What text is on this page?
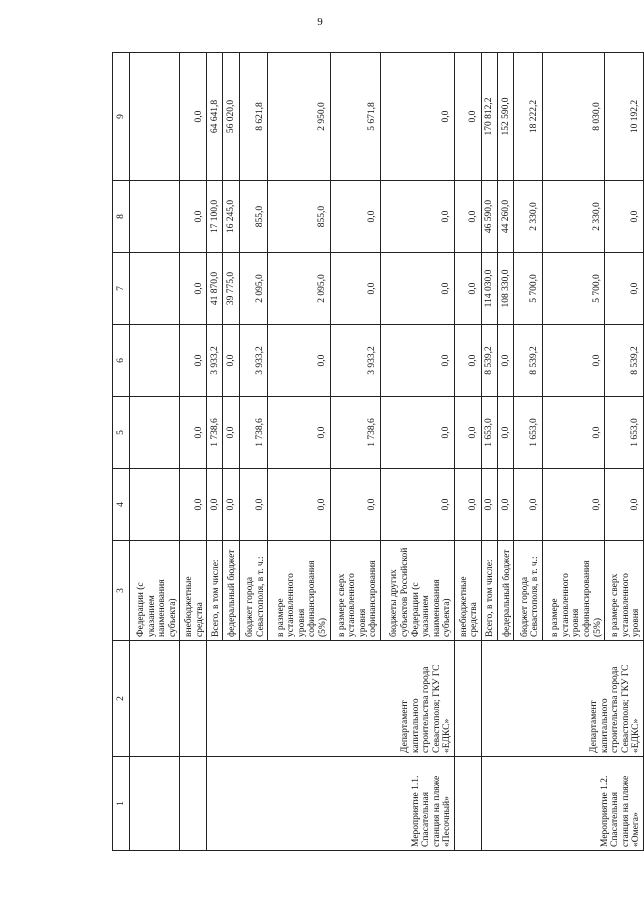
9
1	2	3	4	5	6	7	8	9
		Федерации (с указанием наименования субъекта)						
		внебюджетные средства	0,0	0,0	0,0	0,0	0,0	0,0
Мероприятие 1.1. Спасательная станция на пляже «Песочный»	Департамент капитального строительства города Севастополя; ГКУ ГС «ЕДКС»	Всего, в том числе:	0,0	1 738,6	3 933,2	41 870,0	17 100,0	64 641,8
		федеральный бюджет	0,0	0,0	0,0	39 775,0	16 245,0	56 020,0
		бюджет города Севастополя, в т. ч.:	0,0	1 738,6	3 933,2	2 095,0	855,0	8 621,8
		в размере установленного уровня софинансирования (5%)	0,0	0,0	0,0	2 095,0	855,0	2 950,0
		в размере сверх установленного уровня софинансирования	0,0	1 738,6	3 933,2	0,0	0,0	5 671,8
		бюджеты других субъектов Российской Федерации (с указанием наименования субъекта)	0,0	0,0	0,0	0,0	0,0	0,0
		внебюджетные средства	0,0	0,0	0,0	0,0	0,0	0,0
Мероприятие 1.2. Спасательная станция на пляже «Омега»	Департамент капитального строительства города Севастополя; ГКУ ГС «ЕДКС»	Всего, в том числе:	0,0	1 653,0	8 539,2	114 030,0	46 590,0	170 812,2
		федеральный бюджет	0,0	0,0	0,0	108 330,0	44 260,0	152 590,0
		бюджет города Севастополя, в т. ч.:	0,0	1 653,0	8 539,2	5 700,0	2 330,0	18 222,2
		в размере установленного уровня софинансирования (5%)	0,0	0,0	0,0	5 700,0	2 330,0	8 030,0
		в размере сверх установленного уровня	0,0	1 653,0	8 539,2	0,0	0,0	10 192,2
